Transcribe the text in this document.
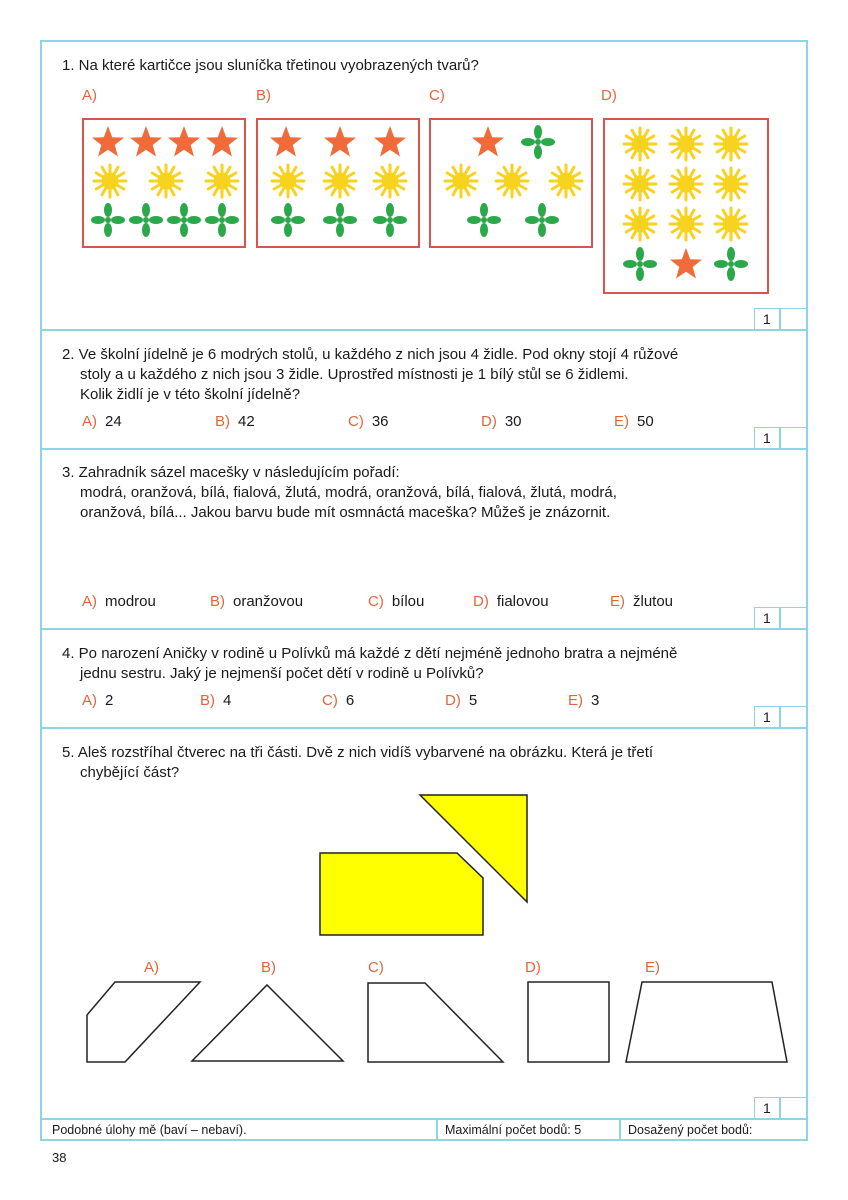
1. Na které kartičce jsou sluníčka třetinou vyobrazených tvarů?
A)	B)	C)	D)
1
2. Ve školní jídelně je 6 modrých stolů, u každého z nich jsou 4 židle. Pod okny stojí 4 růžové
stoly a u každého z nich jsou 3 židle. Uprostřed místnosti je 1 bílý stůl se 6 židlemi.
Kolik židlí je v této školní jídelně?
A) 24	B) 42	C) 36	D) 30	E) 50
1
3. Zahradník sázel macešky v následujícím pořadí:
modrá, oranžová, bílá, fialová, žlutá, modrá, oranžová, bílá, fialová, žlutá, modrá,
oranžová, bílá... Jakou barvu bude mít osmnáctá maceška? Můžeš je znázornit.
A) modrou	B) oranžovou	C) bílou	D) fialovou	E) žlutou
1
4. Po narození Aničky v rodině u Polívků má každé z dětí nejméně jednoho bratra a nejméně
jednu sestru. Jaký je nejmenší počet dětí v rodině u Polívků?
A) 2	B) 4	C) 6	D) 5	E) 3
1
5. Aleš rozstříhal čtverec na tři části. Dvě z nich vidíš vybarvené na obrázku. Která je třetí
chybějící část?
A)	B)	C)	D)	E)
1
Podobné úlohy mě (baví – nebaví).	Maximální počet bodů: 5	Dosažený počet bodů:
38
